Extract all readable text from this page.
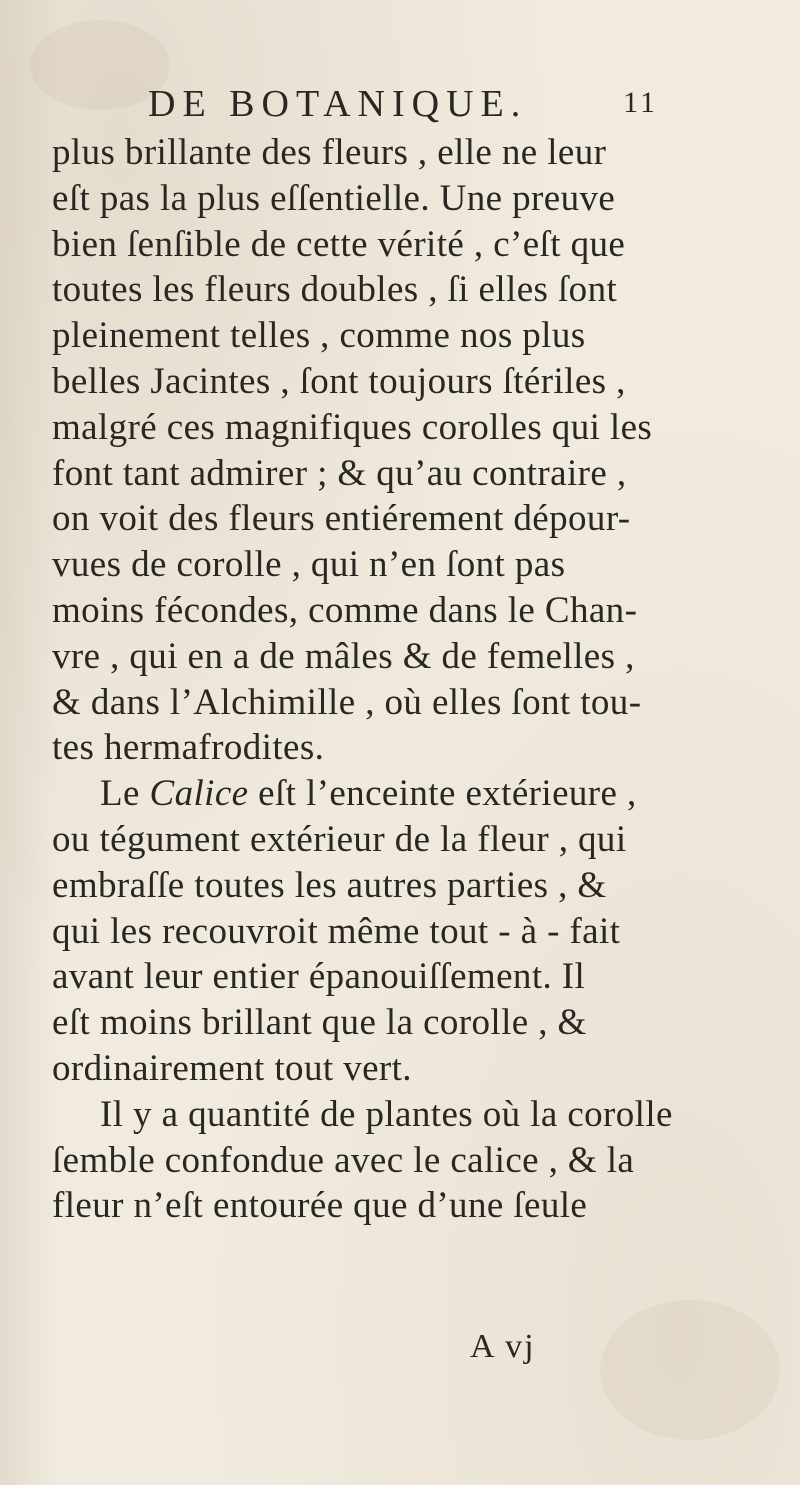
DE BOTANIQUE.	11
plus brillante des fleurs , elle ne leur
eſt pas la plus eſſentielle. Une preuve
bien ſenſible de cette vérité , c’eſt que
toutes les fleurs doubles , ſi elles ſont
pleinement telles , comme nos plus
belles Jacintes , ſont toujours ſtériles ,
malgré ces magnifiques corolles qui les
font tant admirer ; & qu’au contraire ,
on voit des fleurs entiérement dépour-
vues de corolle , qui n’en ſont pas
moins fécondes, comme dans le Chan-
vre , qui en a de mâles & de femelles ,
& dans l’Alchimille , où elles ſont tou-
tes hermafrodites.
Le Calice eſt l’enceinte extérieure ,
ou tégument extérieur de la fleur , qui
embraſſe toutes les autres parties , &
qui les recouvroit même tout - à - fait
avant leur entier épanouiſſement. Il
eſt moins brillant que la corolle , &
ordinairement tout vert.
Il y a quantité de plantes où la corolle
ſemble confondue avec le calice , & la
fleur n’eſt entourée que d’une ſeule
A vj
